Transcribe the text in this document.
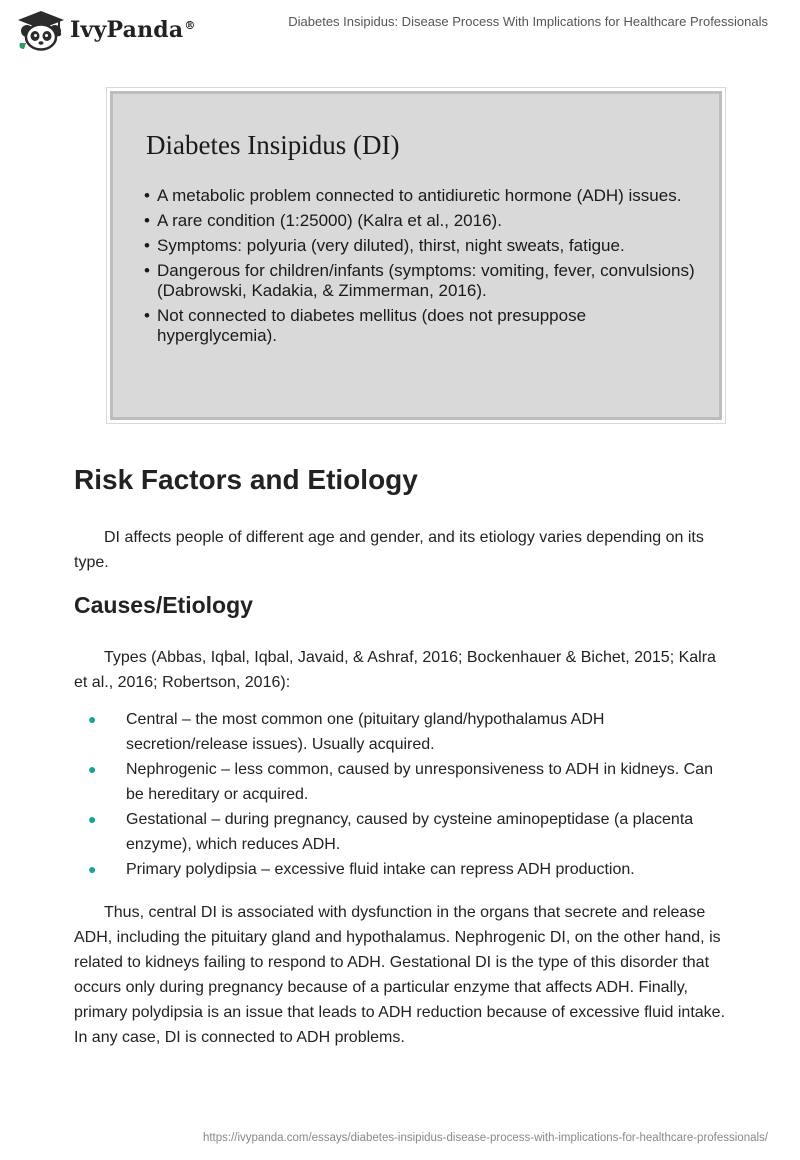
IvyPanda®	Diabetes Insipidus: Disease Process With Implications for Healthcare Professionals
Diabetes Insipidus (DI)
• A metabolic problem connected to antidiuretic hormone (ADH) issues.
• A rare condition (1:25000) (Kalra et al., 2016).
• Symptoms: polyuria (very diluted), thirst, night sweats, fatigue.
• Dangerous for children/infants (symptoms: vomiting, fever, convulsions) (Dabrowski, Kadakia, & Zimmerman, 2016).
• Not connected to diabetes mellitus (does not presuppose hyperglycemia).
Risk Factors and Etiology

DI affects people of different age and gender, and its etiology varies depending on its type.

Causes/Etiology

Types (Abbas, Iqbal, Iqbal, Javaid, & Ashraf, 2016; Bockenhauer & Bichet, 2015; Kalra et al., 2016; Robertson, 2016):

● Central – the most common one (pituitary gland/hypothalamus ADH secretion/release issues). Usually acquired.
● Nephrogenic – less common, caused by unresponsiveness to ADH in kidneys. Can be hereditary or acquired.
● Gestational – during pregnancy, caused by cysteine aminopeptidase (a placenta enzyme), which reduces ADH.
● Primary polydipsia – excessive fluid intake can repress ADH production.

Thus, central DI is associated with dysfunction in the organs that secrete and release ADH, including the pituitary gland and hypothalamus. Nephrogenic DI, on the other hand, is related to kidneys failing to respond to ADH. Gestational DI is the type of this disorder that occurs only during pregnancy because of a particular enzyme that affects ADH. Finally, primary polydipsia is an issue that leads to ADH reduction because of excessive fluid intake. In any case, DI is connected to ADH problems.

https://ivypanda.com/essays/diabetes-insipidus-disease-process-with-implications-for-healthcare-professionals/
